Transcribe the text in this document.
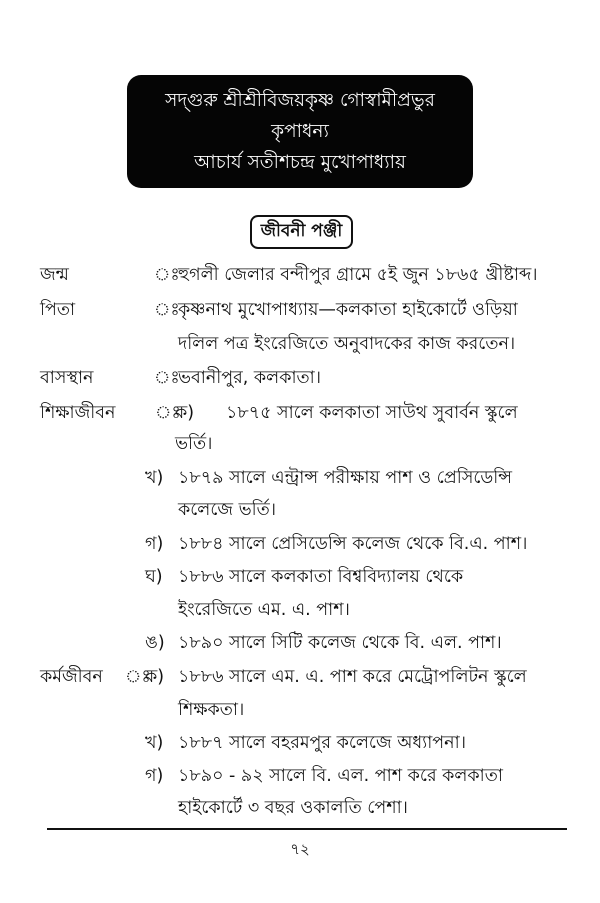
সদ্‌গুরু শ্রীশ্রীবিজয়কৃষ্ণ গোস্বামীপ্রভুর
কৃপাধন্য
আচার্য সতীশচন্দ্র মুখোপাধ্যায়
জীবনী পঞ্জী
জন্ম	ঃ
হুগলী জেলার বন্দীপুর গ্রামে ৫ই জুন ১৮৬৫ খ্রীষ্টাব্দ।
পিতা	ঃ
কৃষ্ণনাথ মুখোপাধ্যায়—কলকাতা হাইকোর্টে ওড়িয়া
দলিল পত্র ইংরেজিতে অনুবাদকের কাজ করতেন।
বাসস্থান	ঃ
ভবানীপুর, কলকাতা।
শিক্ষাজীবন ঃ
ক) ১৮৭৫ সালে কলকাতা সাউথ সুবার্বন স্কুলে
ভর্তি।
খ) ১৮৭৯ সালে এন্ট্রান্স পরীক্ষায় পাশ ও প্রেসিডেন্সি
কলেজে ভর্তি।
গ) ১৮৮৪ সালে প্রেসিডেন্সি কলেজ থেকে বি.এ. পাশ।
ঘ) ১৮৮৬ সালে কলকাতা বিশ্ববিদ্যালয় থেকে
ইংরেজিতে এম. এ. পাশ।
ঙ) ১৮৯০ সালে সিটি কলেজ থেকে বি. এল. পাশ।
কর্মজীবন ঃ
ক) ১৮৮৬ সালে এম. এ. পাশ করে মেট্রোপলিটন স্কুলে
শিক্ষকতা।
খ) ১৮৮৭ সালে বহরমপুর কলেজে অধ্যাপনা।
গ) ১৮৯০ - ৯২ সালে বি. এল. পাশ করে কলকাতা
হাইকোর্টে ৩ বছর ওকালতি পেশা।
৭২
